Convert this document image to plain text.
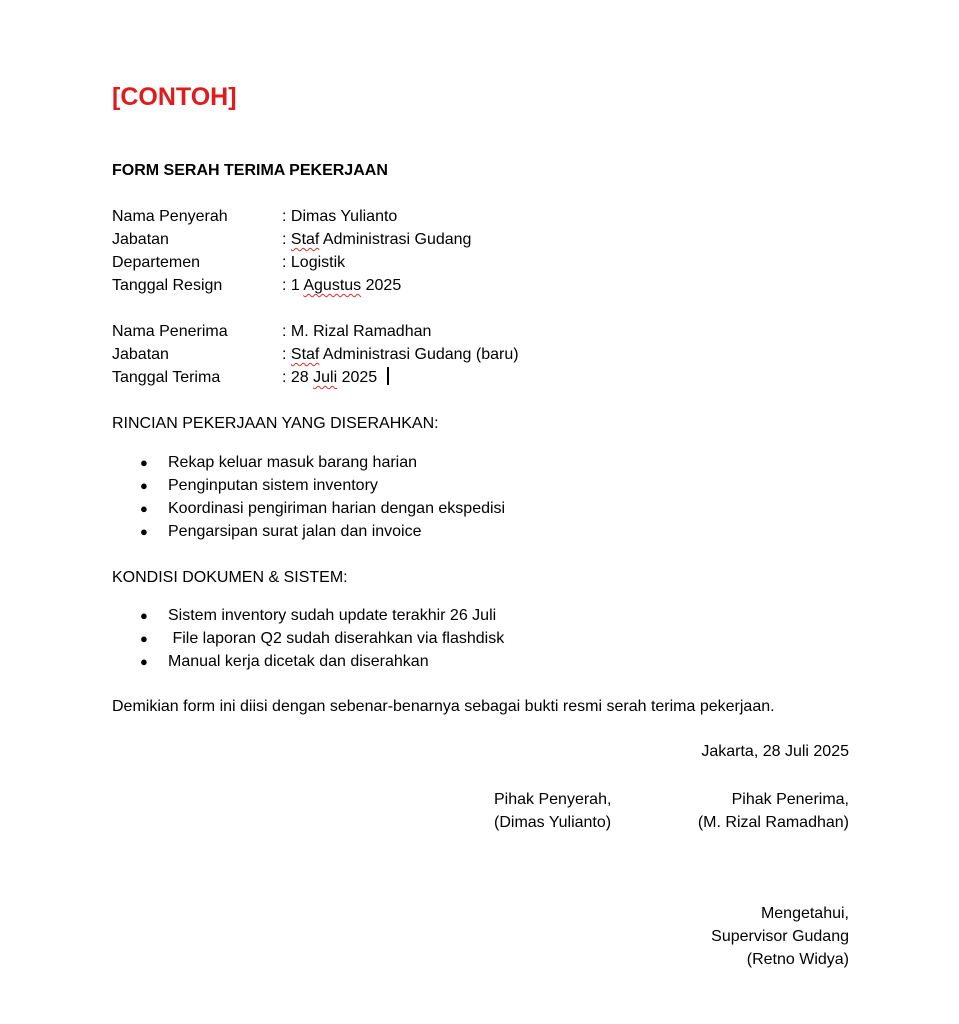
[CONTOH]
FORM SERAH TERIMA PEKERJAAN
Nama Penyerah	: Dimas Yulianto
Jabatan	: Staf Administrasi Gudang
Departemen	: Logistik
Tanggal Resign	: 1 Agustus 2025
Nama Penerima	: M. Rizal Ramadhan
Jabatan	: Staf Administrasi Gudang (baru)
Tanggal Terima	: 28 Juli 2025
RINCIAN PEKERJAAN YANG DISERAHKAN:
●	Rekap keluar masuk barang harian
●	Penginputan sistem inventory
●	Koordinasi pengiriman harian dengan ekspedisi
●	Pengarsipan surat jalan dan invoice
KONDISI DOKUMEN & SISTEM:
●	Sistem inventory sudah update terakhir 26 Juli
●	File laporan Q2 sudah diserahkan via flashdisk
●	Manual kerja dicetak dan diserahkan
Demikian form ini diisi dengan sebenar-benarnya sebagai bukti resmi serah terima pekerjaan.
Jakarta, 28 Juli 2025
Pihak Penyerah,
(Dimas Yulianto)
Pihak Penerima,
(M. Rizal Ramadhan)
Mengetahui,
Supervisor Gudang
(Retno Widya)
